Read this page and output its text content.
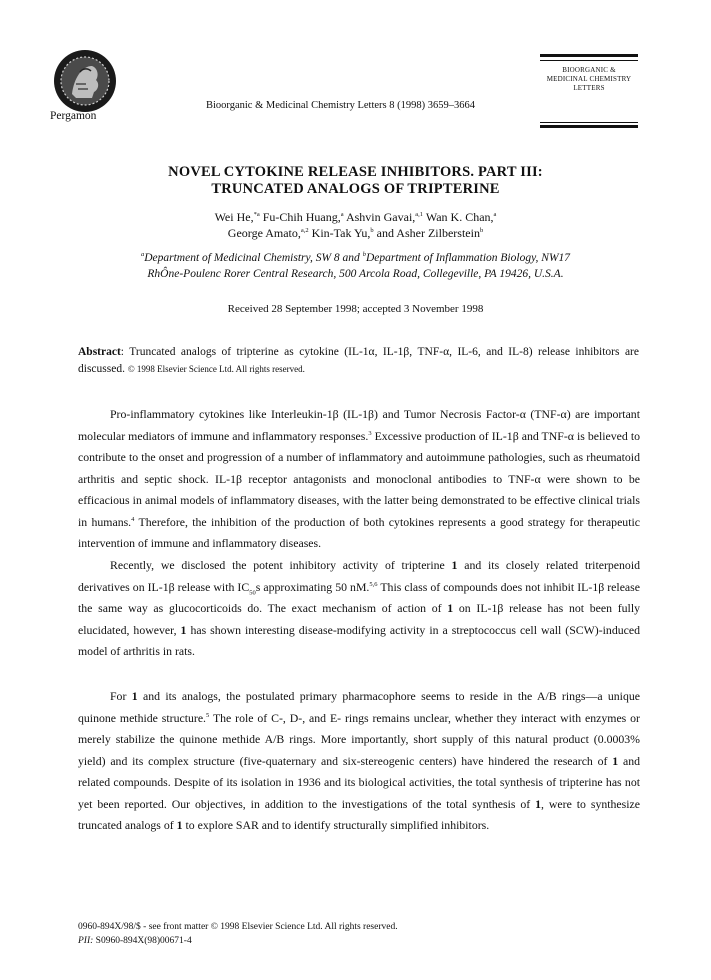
Pergamon
Bioorganic & Medicinal Chemistry Letters 8 (1998) 3659–3664
BIOORGANIC &
MEDICINAL CHEMISTRY
LETTERS
NOVEL CYTOKINE RELEASE INHIBITORS. PART III:
TRUNCATED ANALOGS OF TRIPTERINE
Wei He,$^{*a}$ Fu-Chih Huang,$^a$ Ashvin Gavai,$^{a,1}$ Wan K. Chan,$^a$
George Amato,$^{a,2}$ Kin-Tak Yu,$^b$ and Asher Zilberstein$^b$
$^a$Department of Medicinal Chemistry, SW 8 and $^b$Department of Inflammation Biology, NW17
RhÔne-Poulenc Rorer Central Research, 500 Arcola Road, Collegeville, PA 19426, U.S.A.
Received 28 September 1998; accepted 3 November 1998
Abstract: Truncated analogs of tripterine as cytokine (IL-1α, IL-1β, TNF-α, IL-6, and IL-8) release inhibitors are discussed. © 1998 Elsevier Science Ltd. All rights reserved.
Pro-inflammatory cytokines like Interleukin-1β (IL-1β) and Tumor Necrosis Factor-α (TNF-α) are important molecular mediators of immune and inflammatory responses.$^3$ Excessive production of IL-1β and TNF-α is believed to contribute to the onset and progression of a number of inflammatory and autoimmune pathologies, such as rheumatoid arthritis and septic shock. IL-1β receptor antagonists and monoclonal antibodies to TNF-α were shown to be efficacious in animal models of inflammatory diseases, with the latter being demonstrated to be effective clinical trials in humans.$^4$ Therefore, the inhibition of the production of both cytokines represents a good strategy for therapeutic intervention of immune and inflammatory diseases.
Recently, we disclosed the potent inhibitory activity of tripterine 1 and its closely related triterpenoid derivatives on IL-1β release with $IC_{50}s$ approximating 50 nM.$^{5,6}$ This class of compounds does not inhibit IL-1β release the same way as glucocorticoids do. The exact mechanism of action of 1 on IL-1β release has not been fully elucidated, however, 1 has shown interesting disease-modifying activity in a streptococcus cell wall (SCW)-induced model of arthritis in rats.
For 1 and its analogs, the postulated primary pharmacophore seems to reside in the A/B rings—a unique quinone methide structure.$^5$ The role of C-, D-, and E- rings remains unclear, whether they interact with enzymes or merely stabilize the quinone methide A/B rings. More importantly, short supply of this natural product (0.0003% yield) and its complex structure (five-quaternary and six-stereogenic centers) have hindered the research of 1 and related compounds. Despite of its isolation in 1936 and its biological activities, the total synthesis of tripterine has not yet been reported. Our objectives, in addition to the investigations of the total synthesis of 1, were to synthesize truncated analogs of 1 to explore SAR and to identify structurally simplified inhibitors.
0960-894X/98/$ - see front matter © 1998 Elsevier Science Ltd. All rights reserved.
PII: S0960-894X(98)00671-4
